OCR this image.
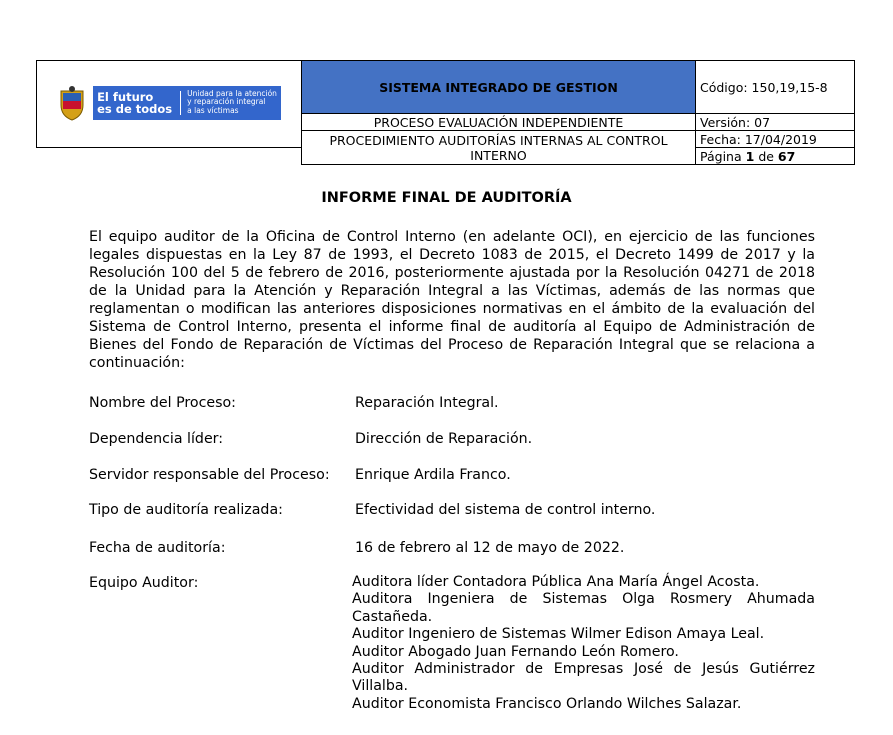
El futuro
es de todos
Unidad para la atención
y reparación integral
a las víctimas	SISTEMA INTEGRADO DE GESTION	Código: 150,19,15-8
	PROCESO EVALUACIÓN INDEPENDIENTE	Versión: 07
	PROCEDIMIENTO AUDITORÍAS INTERNAS AL CONTROL INTERNO	Fecha: 17/04/2019
		Página 1 de 67
INFORME FINAL DE AUDITORÍA
El equipo auditor de la Oficina de Control Interno (en adelante OCI), en ejercicio de las funciones legales dispuestas en la Ley 87 de 1993, el Decreto 1083 de 2015, el Decreto 1499 de 2017 y la Resolución 100 del 5 de febrero de 2016, posteriormente ajustada por la Resolución 04271 de 2018 de la Unidad para la Atención y Reparación Integral a las Víctimas, además de las normas que reglamentan o modifican las anteriores disposiciones normativas en el ámbito de la evaluación del Sistema de Control Interno, presenta el informe final de auditoría al Equipo de Administración de Bienes del Fondo de Reparación de Víctimas del Proceso de Reparación Integral que se relaciona a continuación:
Nombre del Proceso:	Reparación Integral.
Dependencia líder:	Dirección de Reparación.
Servidor responsable del Proceso: Enrique Ardila Franco.
Tipo de auditoría realizada:	Efectividad del sistema de control interno.
Fecha de auditoría:	16 de febrero al 12 de mayo de 2022.
Equipo Auditor:	Auditora líder Contadora Pública Ana María Ángel Acosta.
Auditora Ingeniera de Sistemas Olga Rosmery Ahumada Castañeda.
Auditor Ingeniero de Sistemas Wilmer Edison Amaya Leal.
Auditor Abogado Juan Fernando León Romero.
Auditor Administrador de Empresas José de Jesús Gutiérrez Villalba.
Auditor Economista Francisco Orlando Wilches Salazar.
